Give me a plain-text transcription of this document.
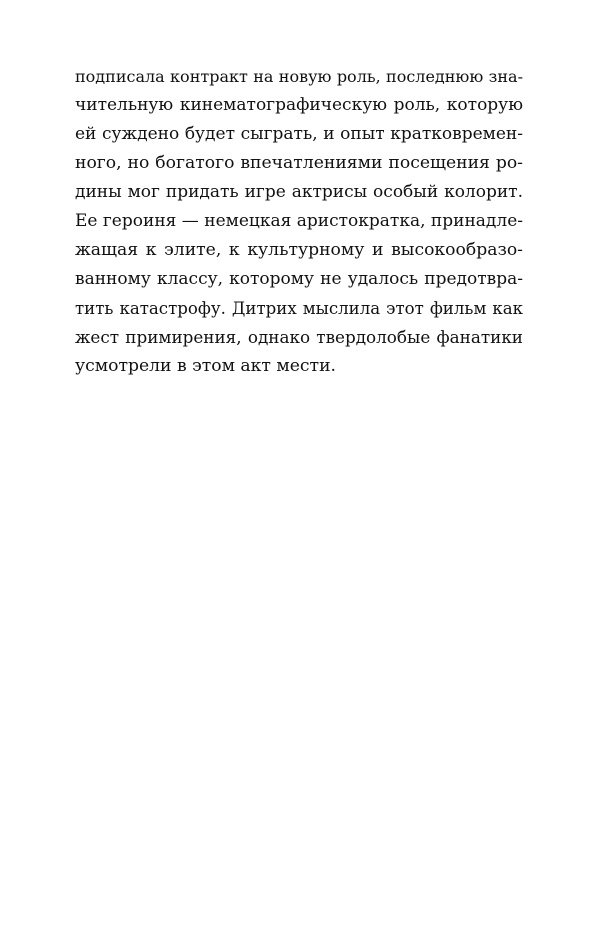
подписала контракт на новую роль, последнюю зна-
чительную кинематографическую роль, которую
ей суждено будет сыграть, и опыт кратковремен-
ного, но богатого впечатлениями посещения ро-
дины мог придать игре актрисы особый колорит.
Ее героиня — немецкая аристократка, принадле-
жащая к элите, к культурному и высокообразо-
ванному классу, которому не удалось предотвра-
тить катастрофу. Дитрих мыслила этот фильм как
жест примирения, однако твердолобые фанатики
усмотрели в этом акт мести.
